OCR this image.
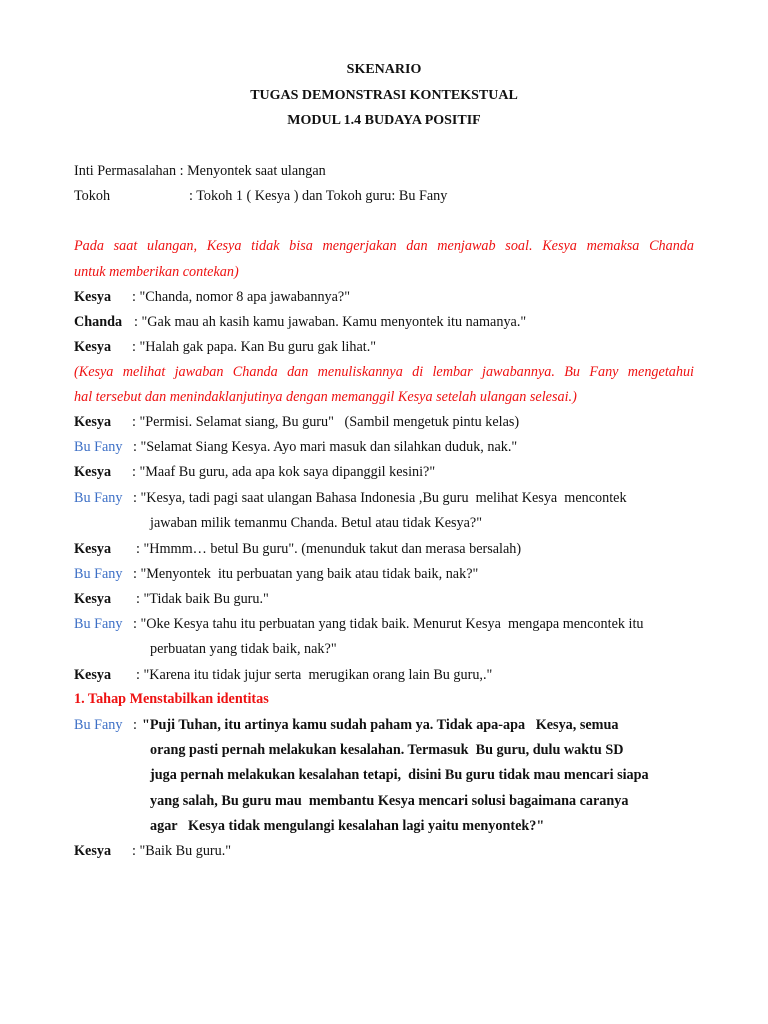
SKENARIO
TUGAS DEMONSTRASI KONTEKSTUAL
MODUL 1.4 BUDAYA POSITIF
Inti Permasalahan : Menyontek saat ulangan
Tokoh	: Tokoh 1 ( Kesya ) dan Tokoh guru: Bu Fany
Pada saat ulangan, Kesya tidak bisa mengerjakan dan menjawab soal. Kesya memaksa Chanda
untuk memberikan contekan)
Kesya : "Chanda, nomor 8 apa jawabannya?"
Chanda : "Gak mau ah kasih kamu jawaban. Kamu menyontek itu namanya."
Kesya : "Halah gak papa. Kan Bu guru gak lihat."
(Kesya melihat jawaban Chanda dan menuliskannya di lembar jawabannya. Bu Fany mengetahui
hal tersebut dan menindaklanjutinya dengan memanggil Kesya setelah ulangan selesai.)
Kesya : "Permisi. Selamat siang, Bu guru"   (Sambil mengetuk pintu kelas)
Bu Fany : "Selamat Siang Kesya. Ayo mari masuk dan silahkan duduk, nak."
Kesya : "Maaf Bu guru, ada apa kok saya dipanggil kesini?"
Bu Fany : "Kesya, tadi pagi saat ulangan Bahasa Indonesia ,Bu guru  melihat Kesya  mencontek
jawaban milik temanmu Chanda. Betul atau tidak Kesya?"
Kesya : "Hmmm… betul Bu guru". (menunduk takut dan merasa bersalah)
Bu Fany : "Menyontek  itu perbuatan yang baik atau tidak baik, nak?"
Kesya : "Tidak baik Bu guru."
Bu Fany : "Oke Kesya tahu itu perbuatan yang tidak baik. Menurut Kesya  mengapa mencontek itu
perbuatan yang tidak baik, nak?"
Kesya : "Karena itu tidak jujur serta  merugikan orang lain Bu guru,."
1. Tahap Menstabilkan identitas
Bu Fany : "Puji Tuhan, itu artinya kamu sudah paham ya. Tidak apa-apa   Kesya, semua
orang pasti pernah melakukan kesalahan. Termasuk  Bu guru, dulu waktu SD
juga pernah melakukan kesalahan tetapi,  disini Bu guru tidak mau mencari siapa
yang salah, Bu guru mau  membantu Kesya mencari solusi bagaimana caranya
agar   Kesya tidak mengulangi kesalahan lagi yaitu menyontek?"
Kesya : "Baik Bu guru."
